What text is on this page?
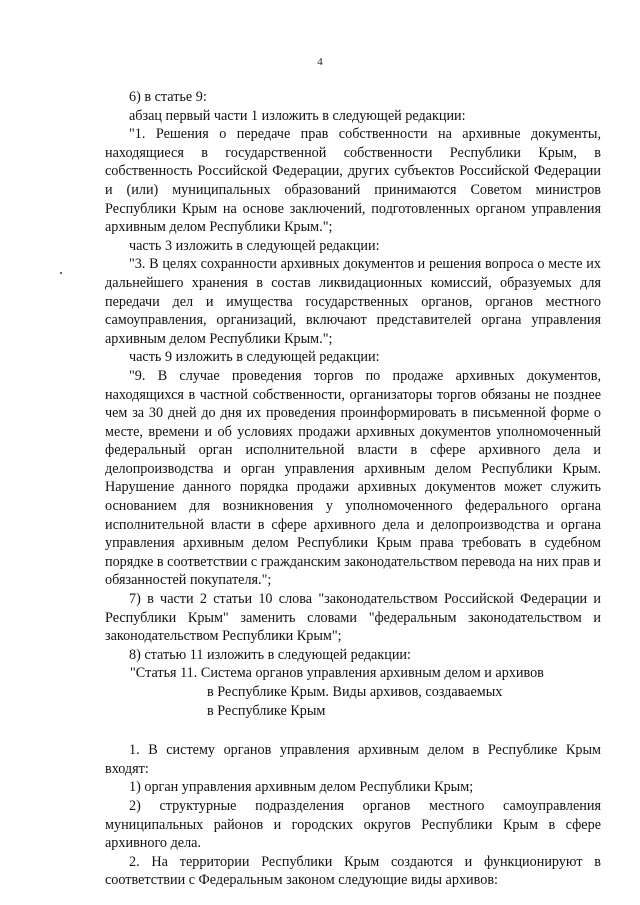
4

6) в статье 9:

абзац первый части 1 изложить в следующей редакции:

"1. Решения о передаче прав собственности на архивные документы, находящиеся в государственной собственности Республики Крым, в собственность Российской Федерации, других субъектов Российской Федерации и (или) муниципальных образований принимаются Советом министров Республики Крым на основе заключений, подготовленных органом управления архивным делом Республики Крым.";

часть 3 изложить в следующей редакции:

"3. В целях сохранности архивных документов и решения вопроса о месте их дальнейшего хранения в состав ликвидационных комиссий, образуемых для передачи дел и имущества государственных органов, органов местного самоуправления, организаций, включают представителей органа управления архивным делом Республики Крым.";

часть 9 изложить в следующей редакции:

"9. В случае проведения торгов по продаже архивных документов, находящихся в частной собственности, организаторы торгов обязаны не позднее чем за 30 дней до дня их проведения проинформировать в письменной форме о месте, времени и об условиях продажи архивных документов уполномоченный федеральный орган исполнительной власти в сфере архивного дела и делопроизводства и орган управления архивным делом Республики Крым. Нарушение данного порядка продажи архивных документов может служить основанием для возникновения у уполномоченного федерального органа исполнительной власти в сфере архивного дела и делопроизводства и органа управления архивным делом Республики Крым права требовать в судебном порядке в соответствии с гражданским законодательством перевода на них прав и обязанностей покупателя.";

7) в части 2 статьи 10 слова "законодательством Российской Федерации и Республики Крым" заменить словами "федеральным законодательством и законодательством Республики Крым";

8) статью 11 изложить в следующей редакции:

"Статья 11. Система органов управления архивным делом и архивов

в Республике Крым. Виды архивов, создаваемых

в Республике Крым

1. В систему органов управления архивным делом в Республике Крым входят:

1) орган управления архивным делом Республики Крым;

2) структурные подразделения органов местного самоуправления муниципальных районов и городских округов Республики Крым в сфере архивного дела.

2. На территории Республики Крым создаются и функционируют в соответствии с Федеральным законом следующие виды архивов:
